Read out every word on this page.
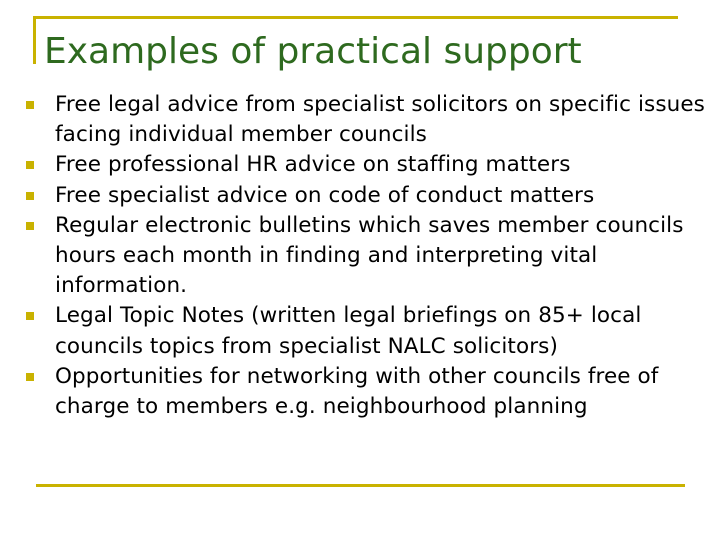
Examples of practical support
Free legal advice from specialist solicitors on specific issues facing individual member councils
Free professional HR advice on staffing matters
Free specialist advice on code of conduct matters
Regular electronic bulletins which saves member councils hours each month in finding and interpreting vital information.
Legal Topic Notes (written legal briefings on 85+ local councils topics from specialist NALC solicitors)
Opportunities for networking with other councils free of charge to members e.g. neighbourhood planning
